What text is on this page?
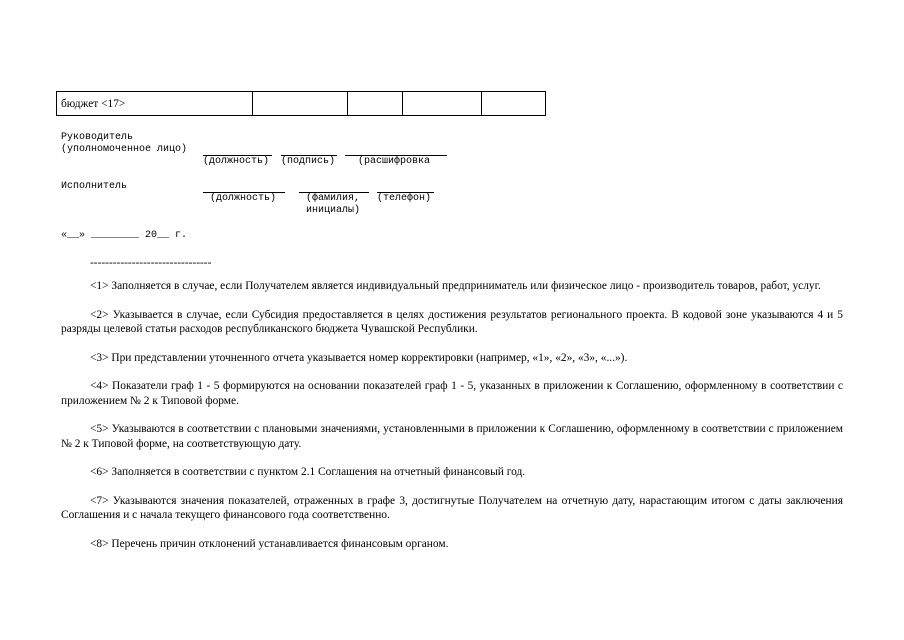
бюджет <17>				
Руководитель
(уполномоченное лицо)
(должность) (подпись) (расшифровка
Исполнитель
(должность)	(фамилия,
инициалы)
(телефон)
«__» ________ 20__ г.
--------------------------------

<1> Заполняется в случае, если Получателем является индивидуальный предприниматель или физическое лицо - производитель товаров, работ, услуг.

<2> Указывается в случае, если Субсидия предоставляется в целях достижения результатов регионального проекта. В кодовой зоне указываются 4 и 5 разряды целевой статьи расходов республиканского бюджета Чувашской Республики.

<3> При представлении уточненного отчета указывается номер корректировки (например, «1», «2», «3», «...»).

<4> Показатели граф 1 - 5 формируются на основании показателей граф 1 - 5, указанных в приложении к Соглашению, оформленному в соответствии с приложением № 2 к Типовой форме.

<5> Указываются в соответствии с плановыми значениями, установленными в приложении к Соглашению, оформленному в соответствии с приложением № 2 к Типовой форме, на соответствующую дату.

<6> Заполняется в соответствии с пунктом 2.1 Соглашения на отчетный финансовый год.

<7> Указываются значения показателей, отраженных в графе 3, достигнутые Получателем на отчетную дату, нарастающим итогом с даты заключения Соглашения и с начала текущего финансового года соответственно.

<8> Перечень причин отклонений устанавливается финансовым органом.
